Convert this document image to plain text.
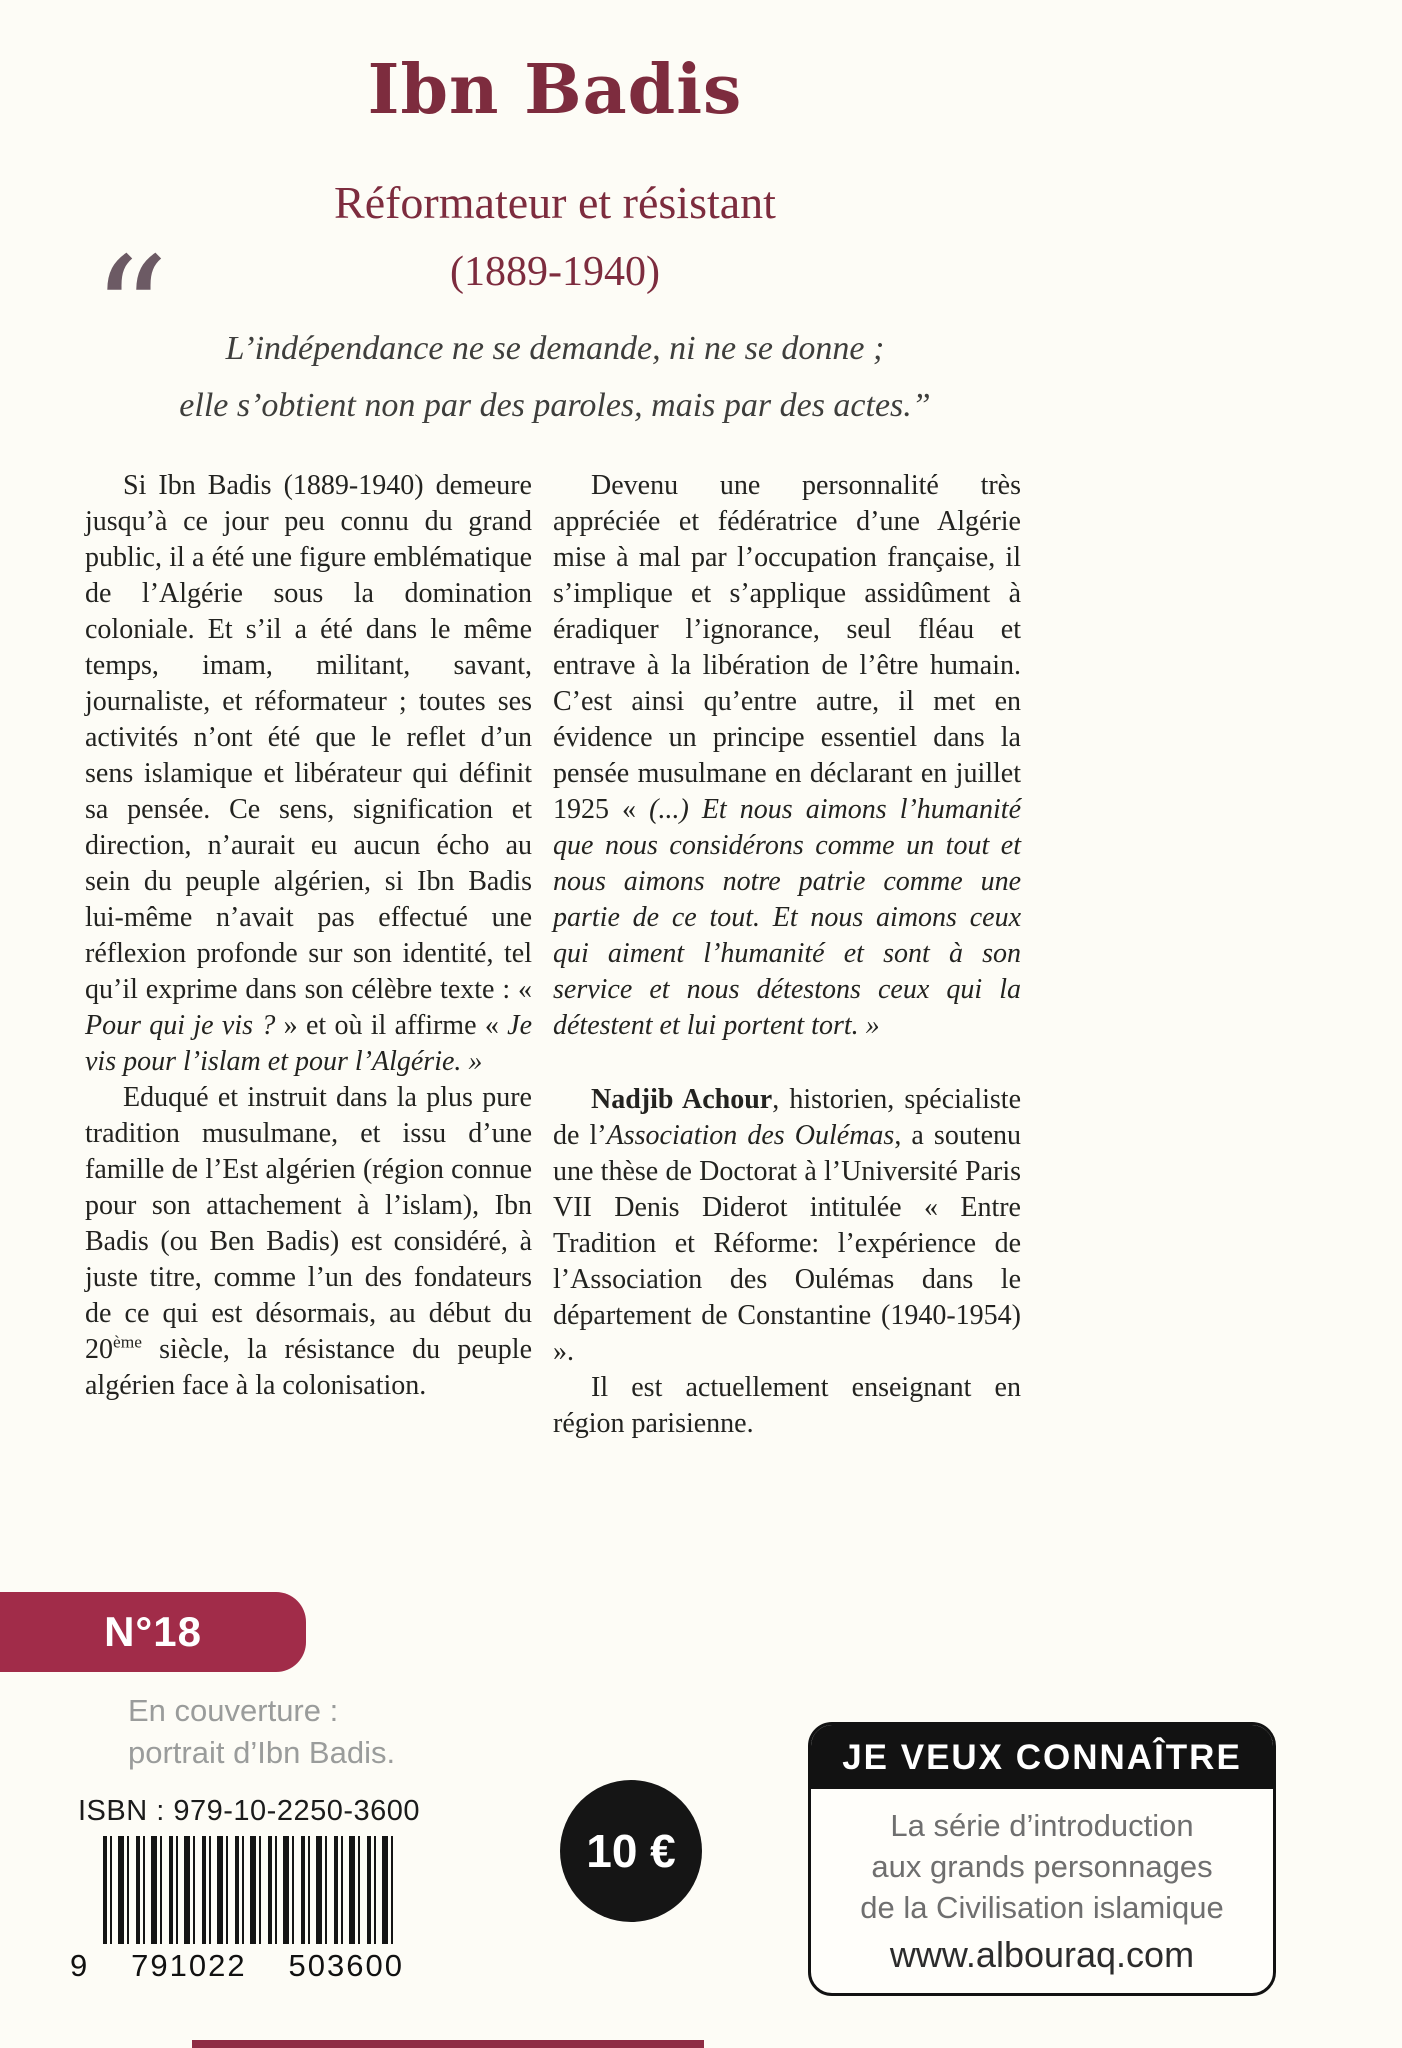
Ibn Badis
Réformateur et résistant
(1889-1940)
“	L’indépendance ne se demande, ni ne se donne ;
elle s’obtient non par des paroles, mais par des actes.”

Si Ibn Badis (1889-1940) demeure jusqu’à ce jour peu connu du grand public, il a été une figure emblématique de l’Algérie sous la domination coloniale. Et s’il a été dans le même temps, imam, militant, savant, journaliste, et réformateur ; toutes ses activités n’ont été que le reflet d’un sens islamique et libérateur qui définit sa pensée. Ce sens, signification et direction, n’aurait eu aucun écho au sein du peuple algérien, si Ibn Badis lui-même n’avait pas effectué une réflexion profonde sur son identité, tel qu’il exprime dans son célèbre texte : « Pour qui je vis ? » et où il affirme « Je vis pour l’islam et pour l’Algérie. »

Eduqué et instruit dans la plus pure tradition musulmane, et issu d’une famille de l’Est algérien (région connue pour son attachement à l’islam), Ibn Badis (ou Ben Badis) est considéré, à juste titre, comme l’un des fondateurs de ce qui est désormais, au début du 20ème siècle, la résistance du peuple algérien face à la colonisation.

Devenu une personnalité très appréciée et fédératrice d’une Algérie mise à mal par l’occupation française, il s’implique et s’applique assidûment à éradiquer l’ignorance, seul fléau et entrave à la libération de l’être humain. C’est ainsi qu’entre autre, il met en évidence un principe essentiel dans la pensée musulmane en déclarant en juillet 1925 « (...) Et nous aimons l’humanité que nous considérons comme un tout et nous aimons notre patrie comme une partie de ce tout. Et nous aimons ceux qui aiment l’humanité et sont à son service et nous détestons ceux qui la détestent et lui portent tort. »

Nadjib Achour, historien, spécialiste de l’Association des Oulémas, a soutenu une thèse de Doctorat à l’Université Paris VII Denis Diderot intitulée « Entre Tradition et Réforme: l’expérience de l’Association des Oulémas dans le département de Constantine (1940-1954) ».

Il est actuellement enseignant en région parisienne.

N°18
En couverture :
portrait d’Ibn Badis.
ISBN : 979-10-2250-3600
9 791022 503600
10 €
JE VEUX CONNAÎTRE
La série d’introduction
aux grands personnages
de la Civilisation islamique
www.albouraq.com
